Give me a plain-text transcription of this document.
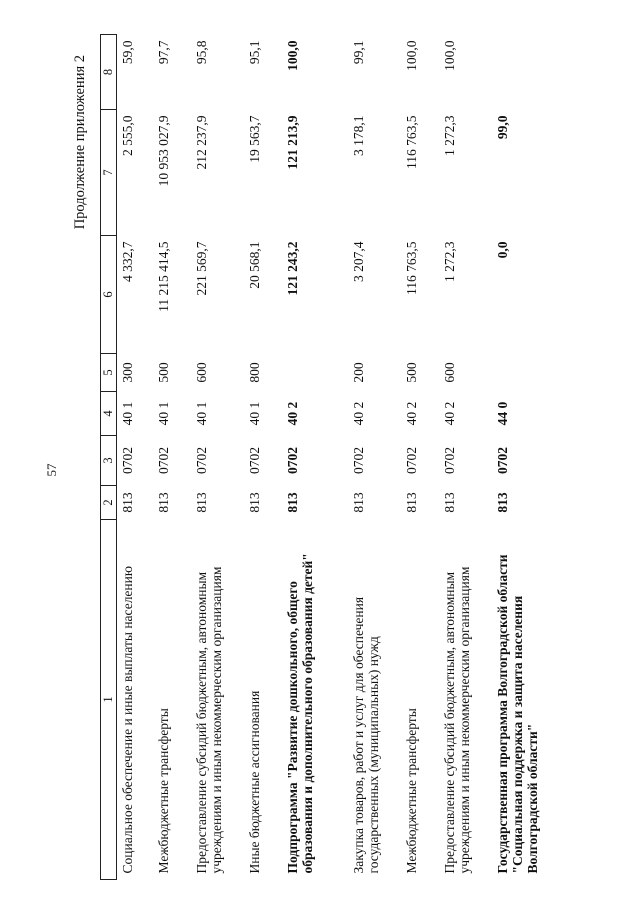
57
Продолжение приложения 2
1	2	3	4	5	6	7	8
Социальное обеспечение и иные выплаты населению	813	0702	40 1	300	4 332,7	2 555,0	59,0
Межбюджетные трансферты	813	0702	40 1	500	11 215 414,5	10 953 027,9	97,7
Предоставление субсидий бюджетным, автономным учреждениям и иным некоммерческим организациям	813	0702	40 1	600	221 569,7	212 237,9	95,8
Иные бюджетные ассигнования	813	0702	40 1	800	20 568,1	19 563,7	95,1
Подпрограмма "Развитие дошкольного, общего образования и дополнительного образования детей"	813	0702	40 2		121 243,2	121 213,9	100,0
Закупка товаров, работ и услуг для обеспечения государственных (муниципальных) нужд	813	0702	40 2	200	3 207,4	3 178,1	99,1
Межбюджетные трансферты	813	0702	40 2	500	116 763,5	116 763,5	100,0
Предоставление субсидий бюджетным, автономным учреждениям и иным некоммерческим организациям	813	0702	40 2	600	1 272,3	1 272,3	100,0
Государственная программа Волгоградской области "Социальная поддержка и защита населения Волгоградской области"	813	0702	44 0		0,0	99,0	
